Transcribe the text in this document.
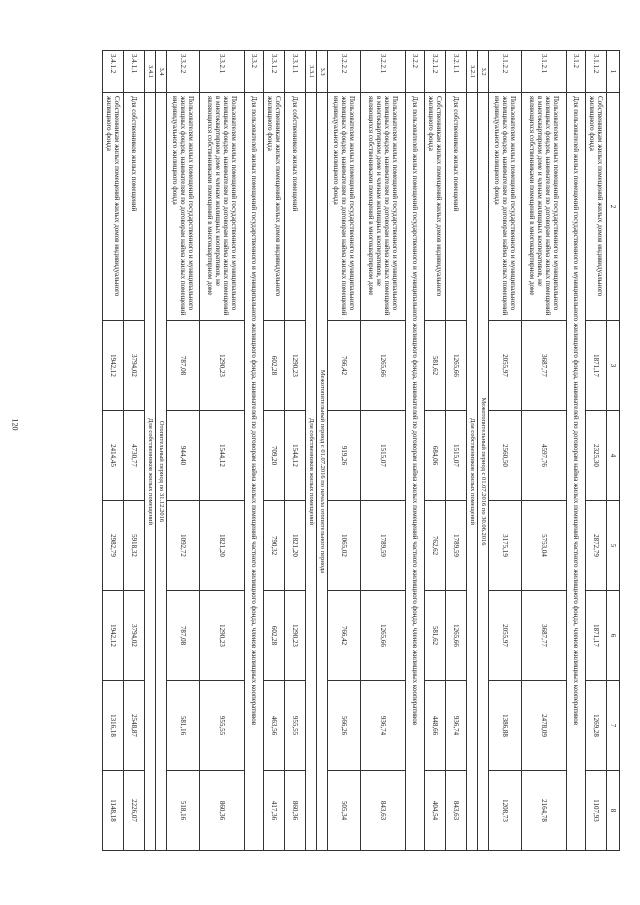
120
1	2	3	4	5	6	7	8
3.1.1.2	Собственникам жилых помещений жилых домов индивидуального жилищного фонда	1871,17	2325,30	2872,79	1871,17	1269,28	1107,93
3.1.2	Для пользователей жилых помещений государственного и муниципального жилищного фонда, нанимателей по договорам найма жилых помещений частного жилищного фонда, членов жилищных кооперативов						
3.1.2.1	Пользователям жилых помещений государственного и муниципального жилищных фондов, нанимателям по договорам найма жилых помещений в многоквартирном доме и членам жилищных кооперативов, не являющихся собственниками помещений в многоквартирном доме	3687,77	4597,76	5753,04	3687,77	2478,09	2164,78
3.1.2.2	Пользователям жилых помещений государственного и муниципального жилищных фондов, нанимателям по договорам найма жилых помещений индивидуального жилищного фонда	2055,97	2560,50	3175,19	2055,97	1386,88	1208,73
3.2	Межотопительный период с 01.07.2016 по 30.06.2016						
3.2.1	Для собственников жилых помещений						
3.2.1.1	Для собственников жилых помещений	1265,66	1515,07	1789,59	1265,66	936,74	843,63
3.2.1.2	Собственникам жилых помещений жилых домов индивидуального жилищного фонда	581,62	684,06	762,62	581,62	448,66	404,54
3.2.2	Для пользователей жилых помещений государственного и муниципального жилищного фонда, нанимателей по договорам найма жилых помещений частного жилищного фонда, членов жилищных кооперативов						
3.2.2.1	Пользователям жилых помещений государственного и муниципального жилищных фондов, нанимателям по договорам найма жилых помещений в многоквартирном доме и членам жилищных кооперативов, не являющихся собственниками помещений в многоквартирном доме	1265,66	1515,07	1789,59	1265,66	936,74	843,63
3.2.2.2	Пользователям жилых помещений государственного и муниципального жилищных фондов, нанимателям по договорам найма жилых помещений индивидуального жилищного фонда	766,42	919,26	1065,02	766,42	566,26	505,34
3.3	Межотопительный период с 01.07.2016 по начала отопительного периода						
3.3.1	Для собственников жилых помещений						
3.3.1.1	Для собственников жилых помещений	1290,23	1544,12	1821,20	1290,23	955,55	860,36
3.3.1.2	Собственникам жилых помещений жилых домов индивидуального жилищного фонда	602,28	709,20	790,32	602,28	463,56	417,36
3.3.2	Для пользователей жилых помещений государственного и муниципального жилищного фонда, нанимателей по договорам найма жилых помещений частного жилищного фонда, членов жилищных кооперативов						
3.3.2.1	Пользователям жилых помещений государственного и муниципального жилищных фондов, нанимателям по договорам найма жилых помещений в многоквартирном доме и членам жилищных кооперативов, не являющихся собственниками помещений в многоквартирном доме	1290,23	1544,12	1821,20	1290,23	955,55	860,36
3.3.2.2	Пользователям жилых помещений государственного и муниципального жилищных фондов, нанимателям по договорам найма жилых помещений индивидуального жилищного фонда	787,08	944,40	1092,72	787,08	581,16	518,16
3.4	Отопительный период по 31.12.2016						
3.4.1	Для собственников жилых помещений						
3.4.1.1	Для собственников жилых помещений	3794,02	4730,77	5918,32	3794,02	2548,87	2226,07
3.4.1.2	Собственникам жилых помещений жилых домов индивидуального жилищного фонда	1942,12	2414,45	2982,79	1942,12	1316,18	1148,18
